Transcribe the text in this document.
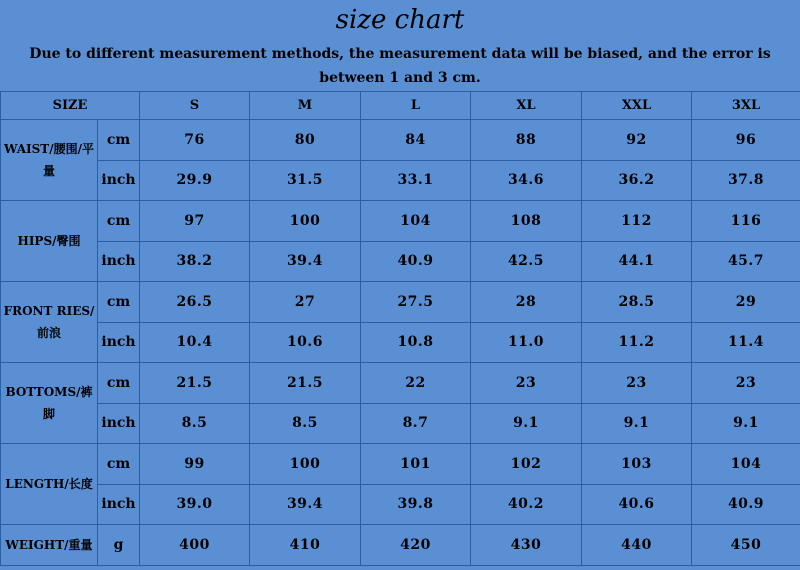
size chart
Due to different measurement methods, the measurement data will be biased, and the error is between 1 and 3 cm.
SIZE		S	M	L	XL	XXL	3XL
WAIST/腰围/平量	cm	76	80	84	88	92	96
	inch	29.9	31.5	33.1	34.6	36.2	37.8
HIPS/臀围	cm	97	100	104	108	112	116
	inch	38.2	39.4	40.9	42.5	44.1	45.7
FRONT RIES/前浪	cm	26.5	27	27.5	28	28.5	29
	inch	10.4	10.6	10.8	11.0	11.2	11.4
BOTTOMS/裤脚	cm	21.5	21.5	22	23	23	23
	inch	8.5	8.5	8.7	9.1	9.1	9.1
LENGTH/长度	cm	99	100	101	102	103	104
	inch	39.0	39.4	39.8	40.2	40.6	40.9
WEIGHT/重量	g	400	410	420	430	440	450
